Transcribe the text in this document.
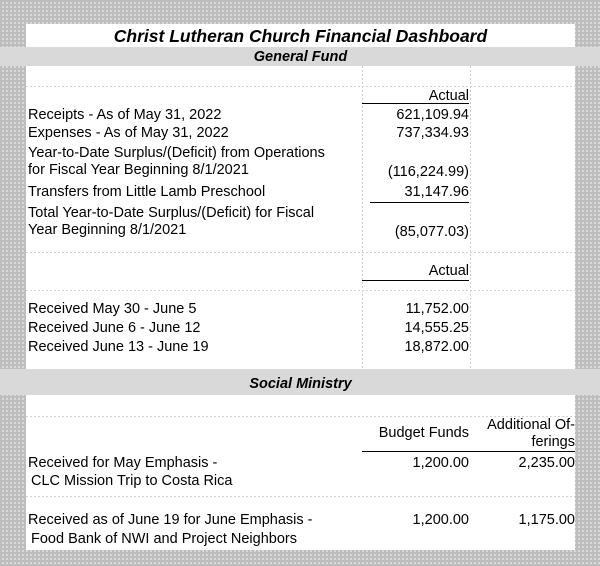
Christ Lutheran Church Financial Dashboard
General Fund
Actual
Receipts - As of May 31, 2022	621,109.94
Expenses - As of May 31, 2022	737,334.93
Year-to-Date Surplus/(Deficit) from Operations
for Fiscal Year Beginning 8/1/2021	(116,224.99)
Transfers from Little Lamb Preschool	31,147.96
Total Year-to-Date Surplus/(Deficit) for Fiscal
Year Beginning 8/1/2021	(85,077.03)
Actual
Received May 30 - June 5	11,752.00
Received June 6 - June 12	14,555.25
Received June 13 - June 19	18,872.00
Social Ministry
Budget Funds	Additional Of-
ferings
Received for May Emphasis -
CLC Mission Trip to Costa Rica
1,200.00	2,235.00
Received as of June 19 for June Emphasis -
Food Bank of NWI and Project Neighbors
1,200.00	1,175.00
